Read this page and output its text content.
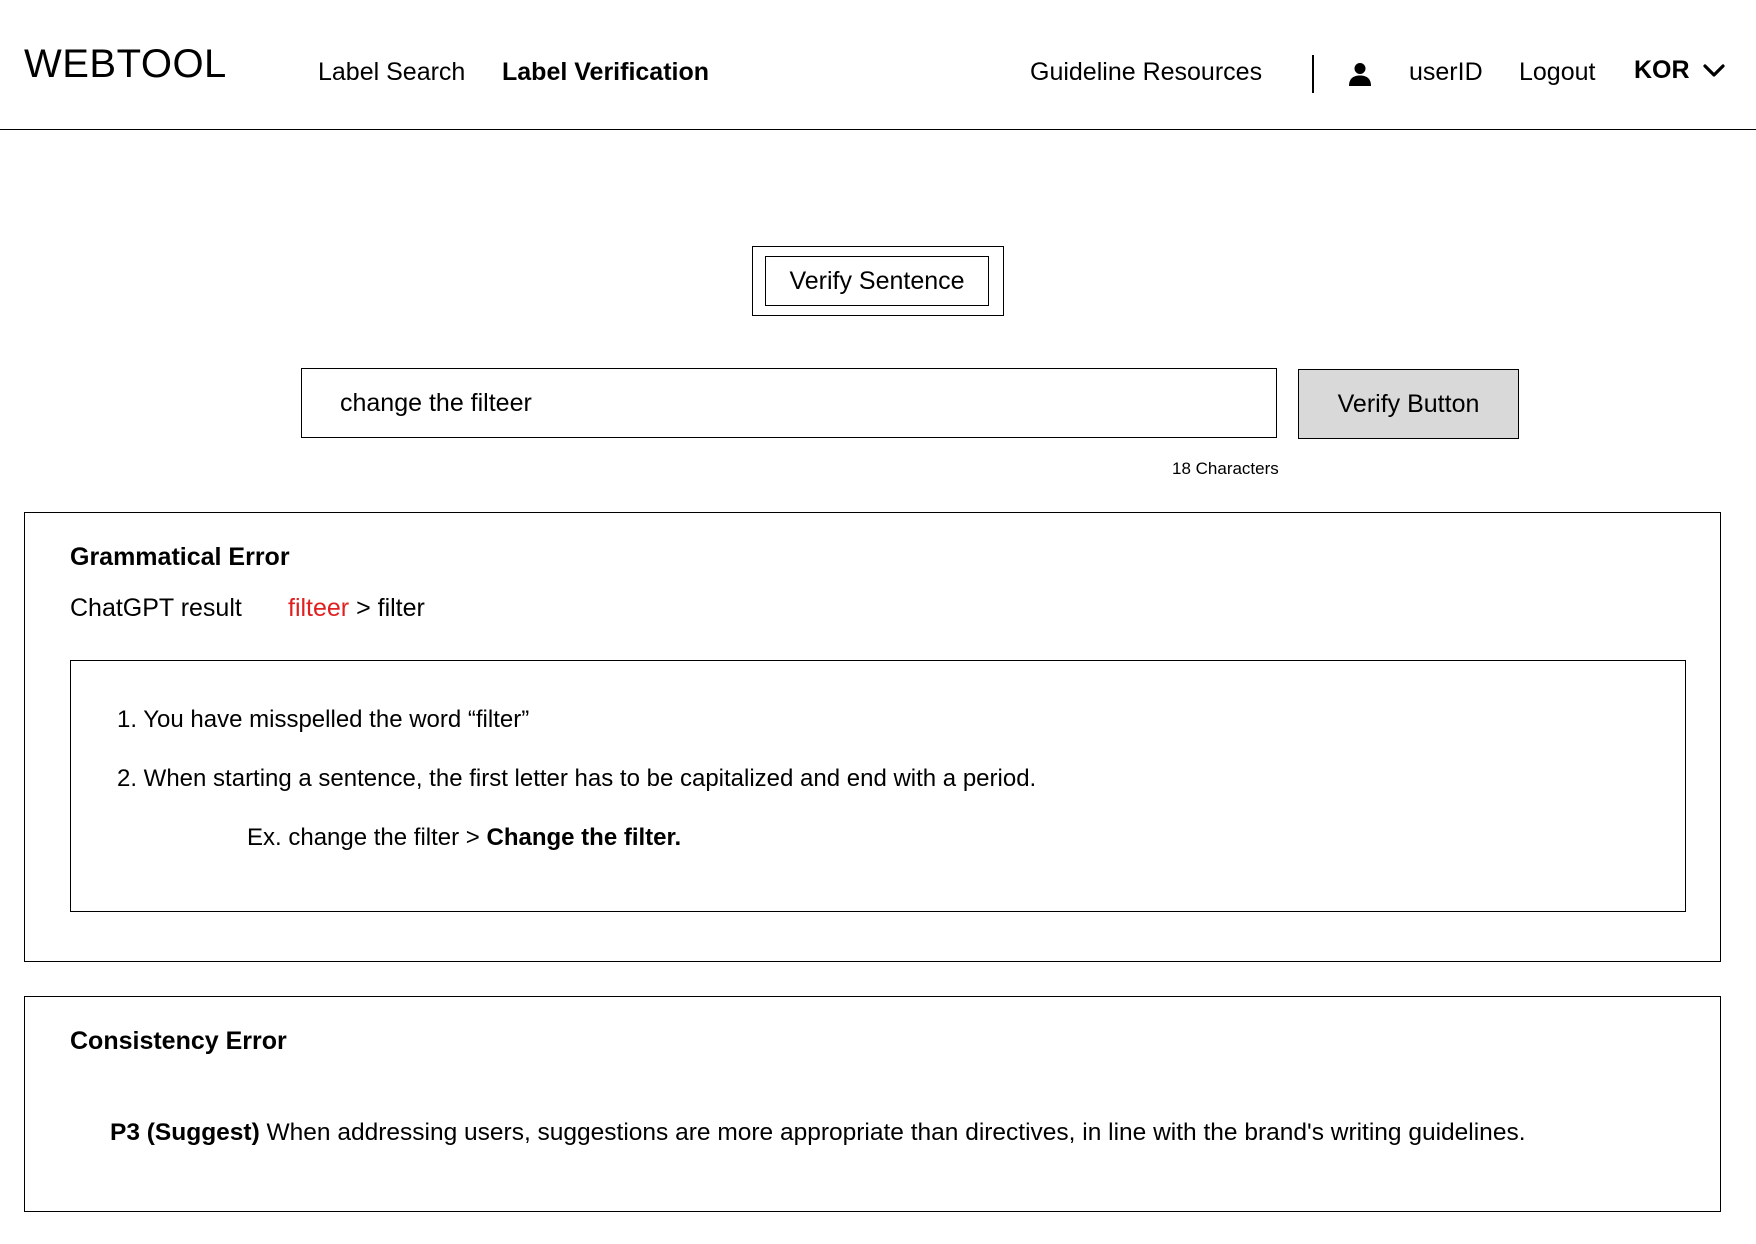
WEBTOOL	Label Search Label Verification	Guideline Resources	userID Logout KOR
Verify Sentence
change the filteer
Verify Button
18 Characters
Grammatical Error
ChatGPT result filteer > filter
1. You have misspelled the word “filter”
2. When starting a sentence, the first letter has to be capitalized and end with a period.
Ex. change the filter > Change the filter.
Consistency Error
P3 (Suggest) When addressing users, suggestions are more appropriate than directives, in line with the brand's writing guidelines.
